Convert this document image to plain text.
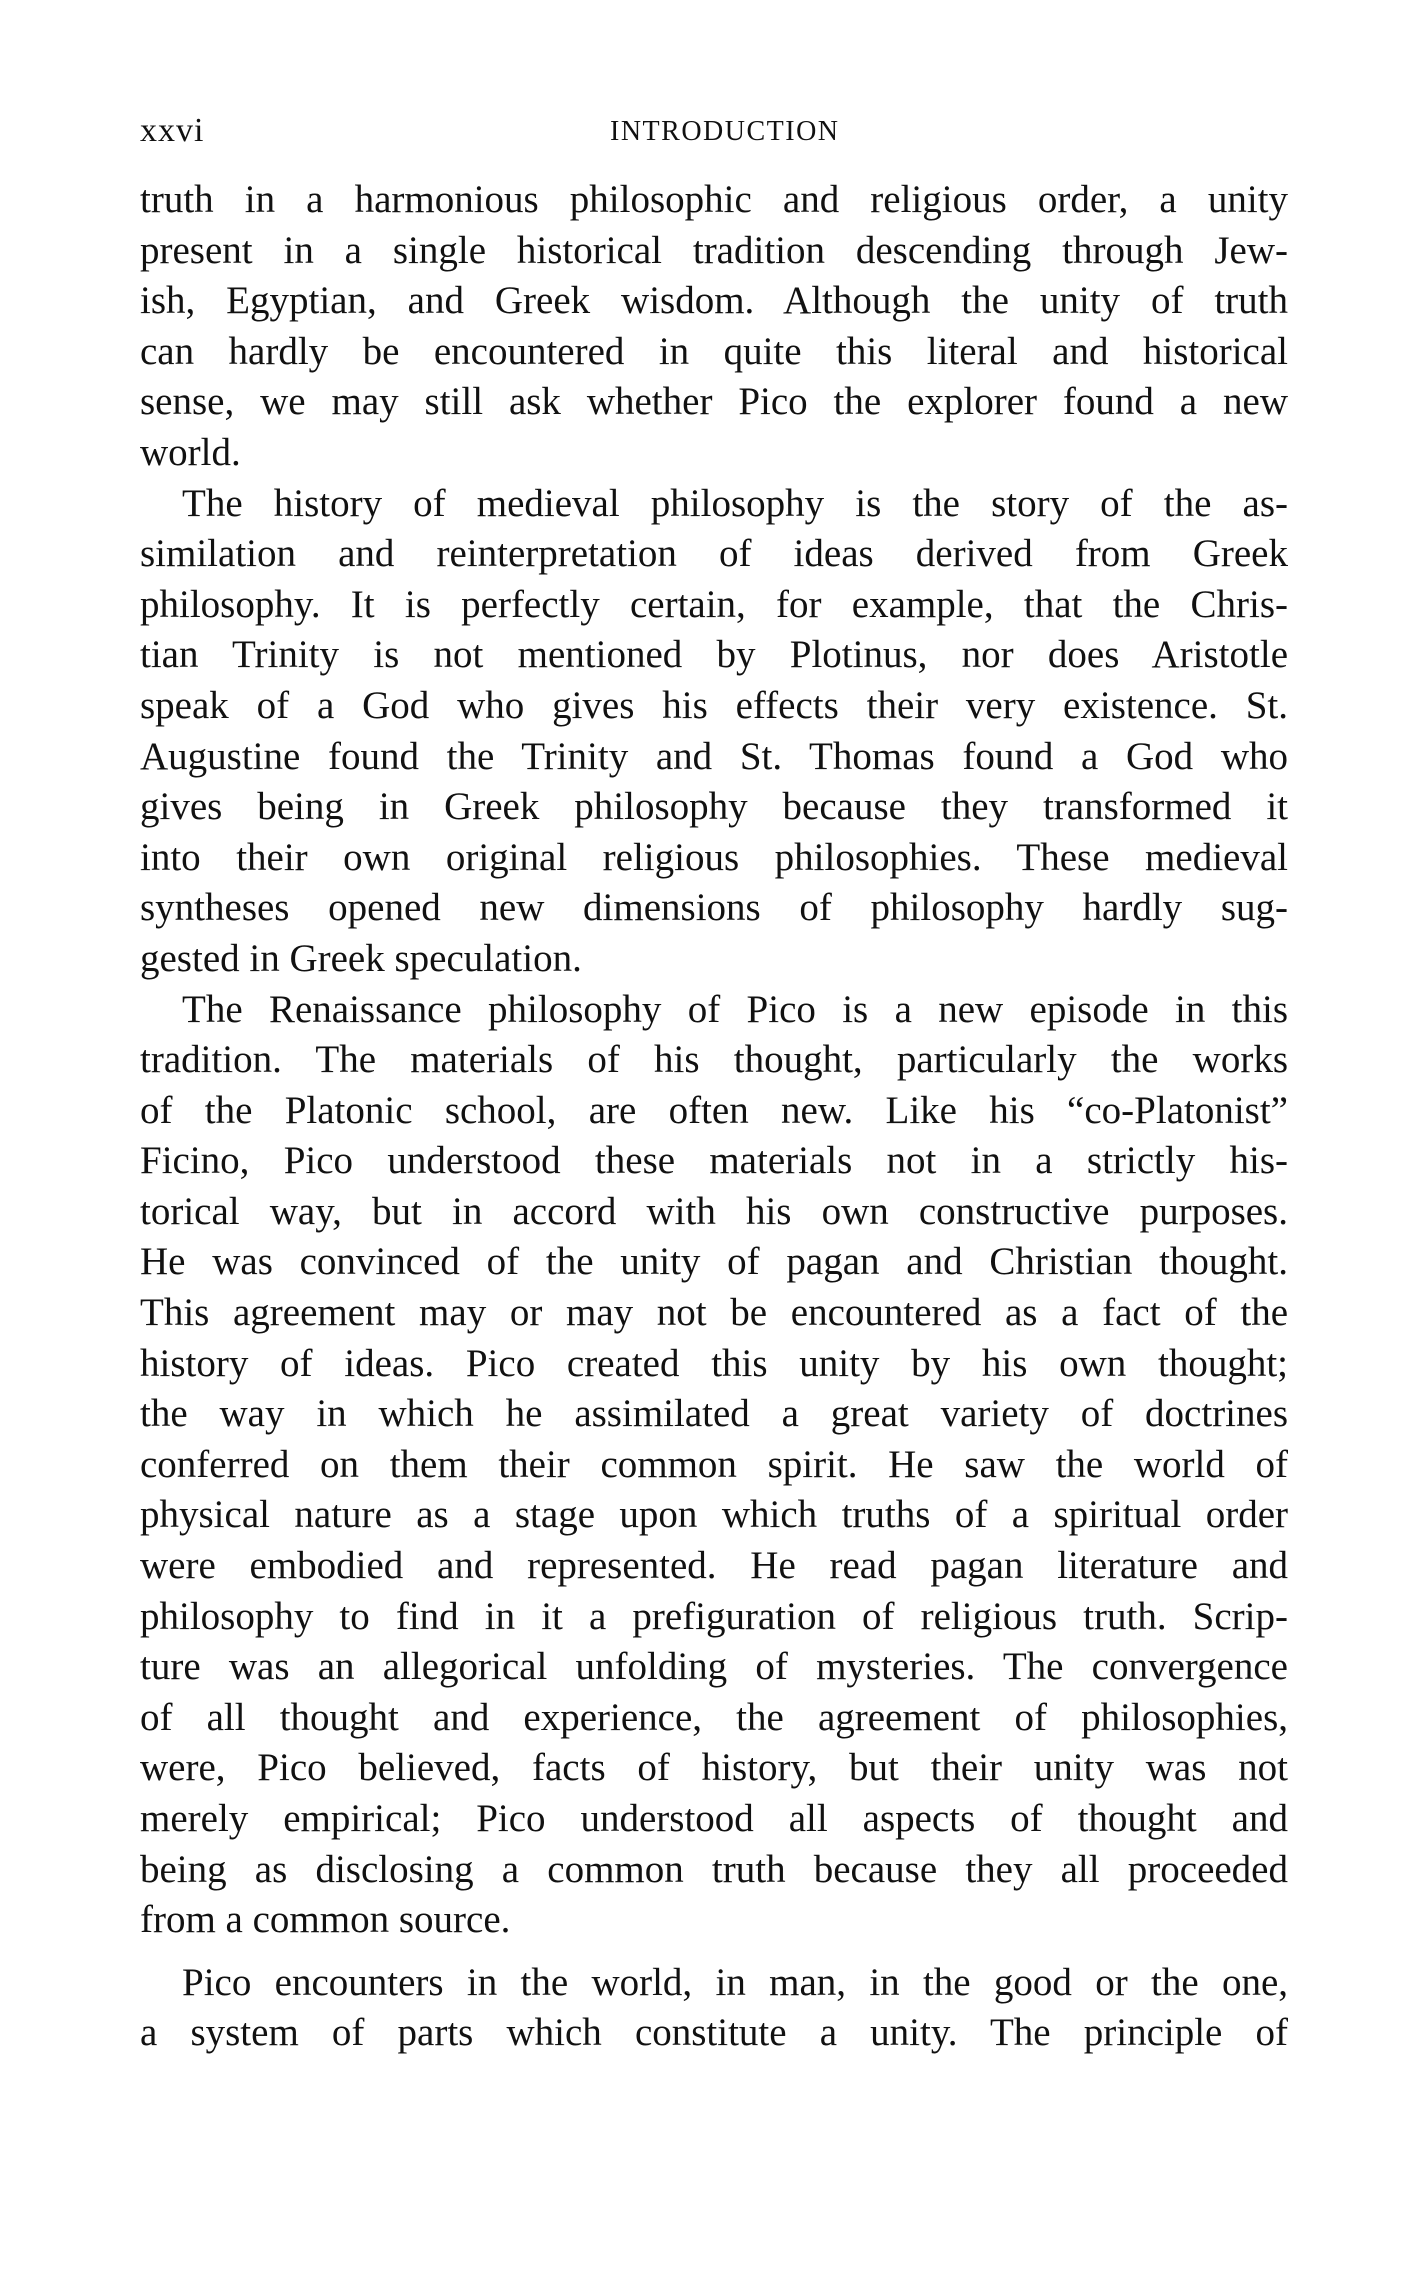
xxvi	INTRODUCTION
truth in a harmonious philosophic and religious order, a unity
present in a single historical tradition descending through Jew-
ish, Egyptian, and Greek wisdom. Although the unity of truth
can hardly be encountered in quite this literal and historical
sense, we may still ask whether Pico the explorer found a new
world.
The history of medieval philosophy is the story of the as-
similation and reinterpretation of ideas derived from Greek
philosophy. It is perfectly certain, for example, that the Chris-
tian Trinity is not mentioned by Plotinus, nor does Aristotle
speak of a God who gives his effects their very existence. St.
Augustine found the Trinity and St. Thomas found a God who
gives being in Greek philosophy because they transformed it
into their own original religious philosophies. These medieval
syntheses opened new dimensions of philosophy hardly sug-
gested in Greek speculation.
The Renaissance philosophy of Pico is a new episode in this
tradition. The materials of his thought, particularly the works
of the Platonic school, are often new. Like his “co-Platonist”
Ficino, Pico understood these materials not in a strictly his-
torical way, but in accord with his own constructive purposes.
He was convinced of the unity of pagan and Christian thought.
This agreement may or may not be encountered as a fact of the
history of ideas. Pico created this unity by his own thought;
the way in which he assimilated a great variety of doctrines
conferred on them their common spirit. He saw the world of
physical nature as a stage upon which truths of a spiritual order
were embodied and represented. He read pagan literature and
philosophy to find in it a prefiguration of religious truth. Scrip-
ture was an allegorical unfolding of mysteries. The convergence
of all thought and experience, the agreement of philosophies,
were, Pico believed, facts of history, but their unity was not
merely empirical; Pico understood all aspects of thought and
being as disclosing a common truth because they all proceeded
from a common source.
Pico encounters in the world, in man, in the good or the one,
a system of parts which constitute a unity. The principle of
